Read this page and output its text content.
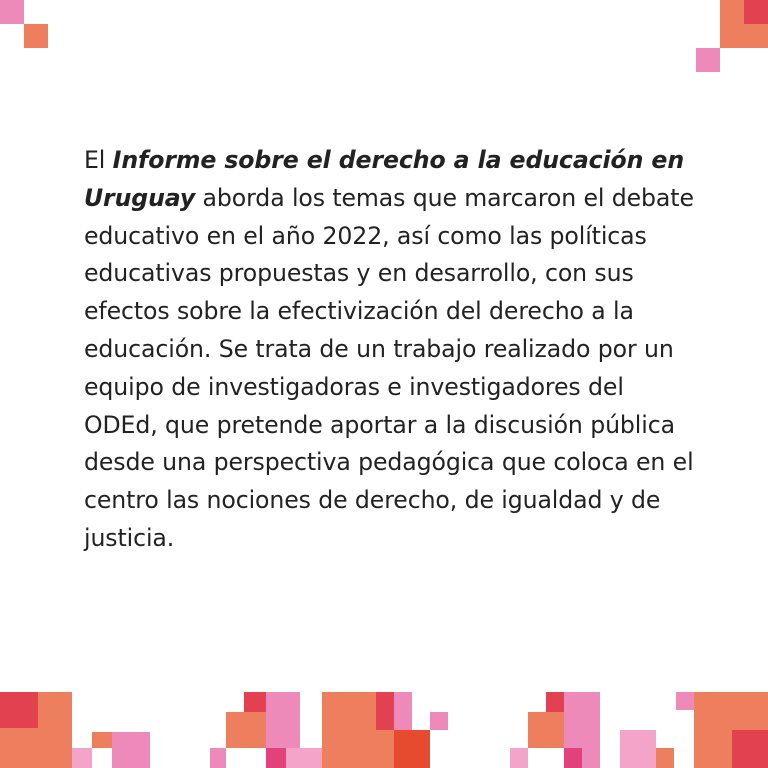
El Informe sobre el derecho a la educación en Uruguay aborda los temas que marcaron el debate educativo en el año 2022, así como las políticas educativas propuestas y en desarrollo, con sus efectos sobre la efectivización del derecho a la educación. Se trata de un trabajo realizado por un equipo de investigadoras e investigadores del ODEd, que pretende aportar a la discusión pública desde una perspectiva pedagógica que coloca en el centro las nociones de derecho, de igualdad y de justicia.
